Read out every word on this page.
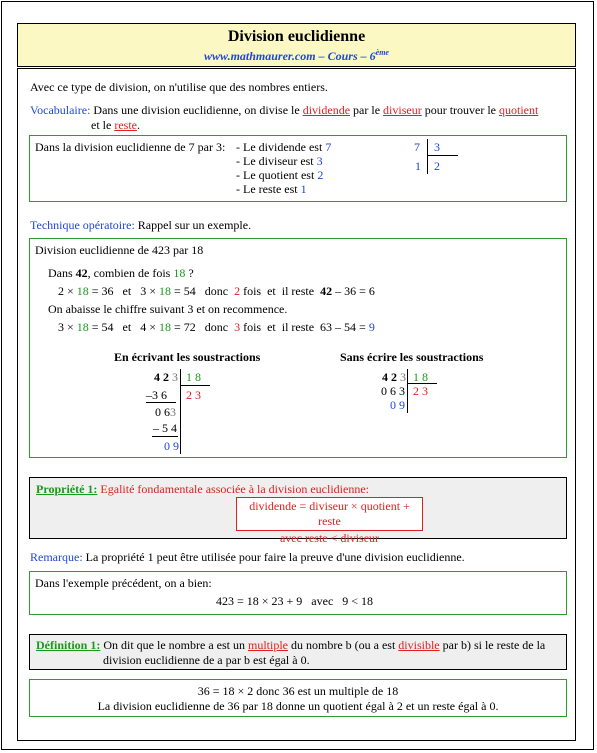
Division euclidienne
www.mathmaurer.com – Cours – 6ème
Avec ce type de division, on n'utilise que des nombres entiers.
Vocabulaire: Dans une division euclidienne, on divise le dividende par le diviseur pour trouver le quotient
et le reste.
Dans la division euclidienne de 7 par 3: - Le dividende est 7
- Le diviseur est 3
- Le quotient est 2
- Le reste est 1
7 3
1 2
Technique opératoire: Rappel sur un exemple.
Division euclidienne de 423 par 18
Dans 42, combien de fois 18 ?
2 × 18 = 36   et   3 × 18 = 54   donc  2 fois  et  il reste  42 – 36 = 6
On abaisse le chiffre suivant 3 et on recommence.
3 × 18 = 54   et   4 × 18 = 72   donc  3 fois  et  il reste  63 – 54 = 9
En écrivant les soustractions	Sans écrire les soustractions
4 2 3 1 8
2 3
–3 6
0 63
– 5 4
0 9
4 2 3 1 8
2 3
0 6 3
0 9
Propriété 1: Egalité fondamentale associée à la division euclidienne:
dividende = diviseur × quotient + reste
avec reste < diviseur
Remarque: La propriété 1 peut être utilisée pour faire la preuve d'une division euclidienne.
Dans l'exemple précédent, on a bien:
423 = 18 × 23 + 9   avec   9 < 18
Définition 1: On dit que le nombre a est un multiple du nombre b (ou a est divisible par b) si le reste de la
division euclidienne de a par b est égal à 0.
36 = 18 × 2 donc 36 est un multiple de 18
La division euclidienne de 36 par 18 donne un quotient égal à 2 et un reste égal à 0.
